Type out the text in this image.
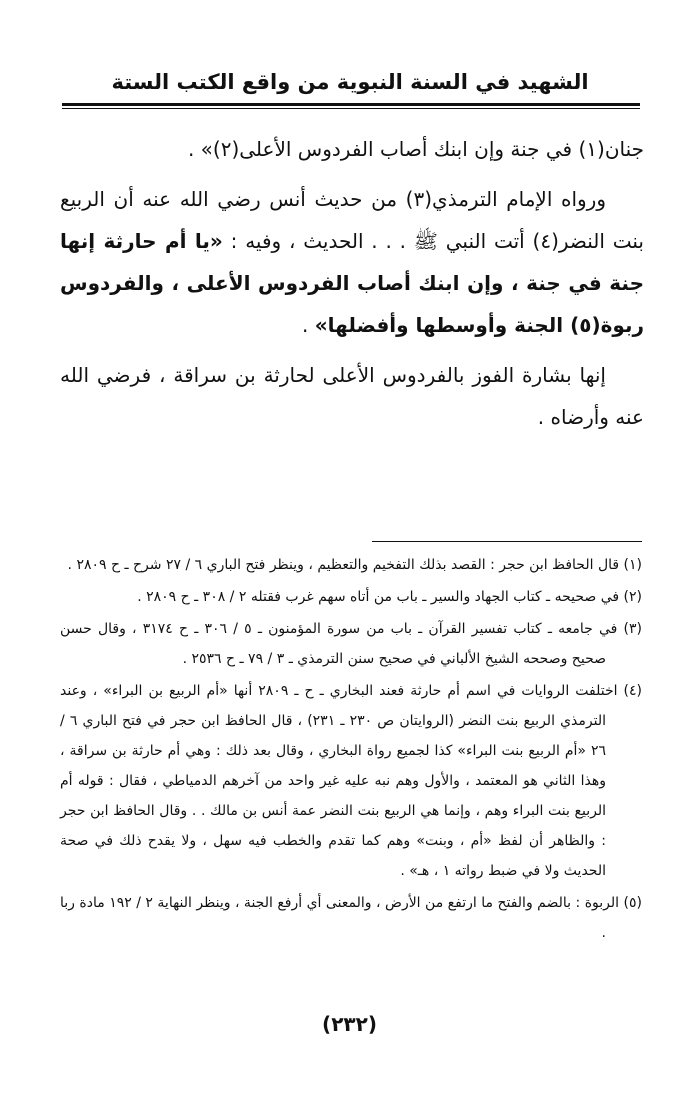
الشهيد في السنة النبوية من واقع الكتب الستة

جنان(١) في جنة وإن ابنك أصاب الفردوس الأعلى(٢)» .

ورواه الإمام الترمذي(٣) من حديث أنس رضي الله عنه أن الربيع بنت النضر(٤) أتت النبي ﷺ . . . الحديث ، وفيه : «يا أم حارثة إنها جنة في جنة ، وإن ابنك أصاب الفردوس الأعلى ، والفردوس ربوة(٥) الجنة وأوسطها وأفضلها» .

إنها بشارة الفوز بالفردوس الأعلى لحارثة بن سراقة ، فرضي الله عنه وأرضاه .

(١) قال الحافظ ابن حجر : القصد بذلك التفخيم والتعظيم ، وينظر فتح الباري ٦ / ٢٧ شرح ـ ح ٢٨٠٩ .
(٢) في صحيحه ـ كتاب الجهاد والسير ـ باب من أتاه سهم غرب فقتله ٢ / ٣٠٨ ـ ح ٢٨٠٩ .
(٣) في جامعه ـ كتاب تفسير القرآن ـ باب من سورة المؤمنون ـ ٥ / ٣٠٦ ـ ح ٣١٧٤ ، وقال حسن صحيح وصححه الشيخ الألباني في صحيح سنن الترمذي ـ ٣ / ٧٩ ـ ح ٢٥٣٦ .
(٤) اختلفت الروايات في اسم أم حارثة فعند البخاري ـ ح ـ ٢٨٠٩ أنها «أم الربيع بن البراء» ، وعند الترمذي الربيع بنت النضر (الروايتان ص ٢٣٠ ـ ٢٣١) ، قال الحافظ ابن حجر في فتح الباري ٦ / ٢٦ «أم الربيع بنت البراء» كذا لجميع رواة البخاري ، وقال بعد ذلك : وهي أم حارثة بن سراقة ، وهذا الثاني هو المعتمد ، والأول وهم نبه عليه غير واحد من آخرهم الدمياطي ، فقال : قوله أم الربيع بنت البراء وهم ، وإنما هي الربيع بنت النضر عمة أنس بن مالك . . وقال الحافظ ابن حجر : والظاهر أن لفظ «أم ، وبنت» وهم كما تقدم والخطب فيه سهل ، ولا يقدح ذلك في صحة الحديث ولا في ضبط رواته ١ ، هـ» .
(٥) الربوة : بالضم والفتح ما ارتفع من الأرض ، والمعنى أي أرفع الجنة ، وينظر النهاية ٢ / ١٩٢ مادة ربا .
(٢٣٢)
